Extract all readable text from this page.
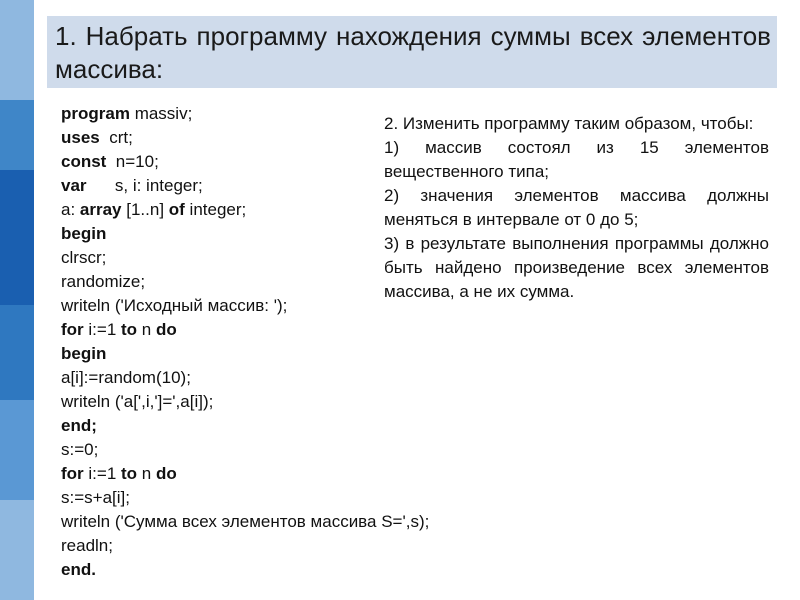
1. Набрать программу нахождения суммы всех элементов массива:
program massiv;
uses  crt;
const  n=10;
var      s, i: integer;
a: array [1..n] of integer;
begin
clrscr;
randomize;
writeln ('Исходный массив: ');
for i:=1 to n do
begin
a[i]:=random(10);
writeln ('a[',i,']=',a[i]);
end;
s:=0;
for i:=1 to n do
s:=s+a[i];
writeln ('Сумма всех элементов массива S=',s);
readln;
end.

2. Изменить программу таким образом, чтобы:

1) массив состоял из 15 элементов вещественного типа;

2) значения элементов массива должны меняться в интервале от 0 до 5;

3) в результате выполнения программы должно быть найдено произведение всех элементов массива, а не их сумма.
